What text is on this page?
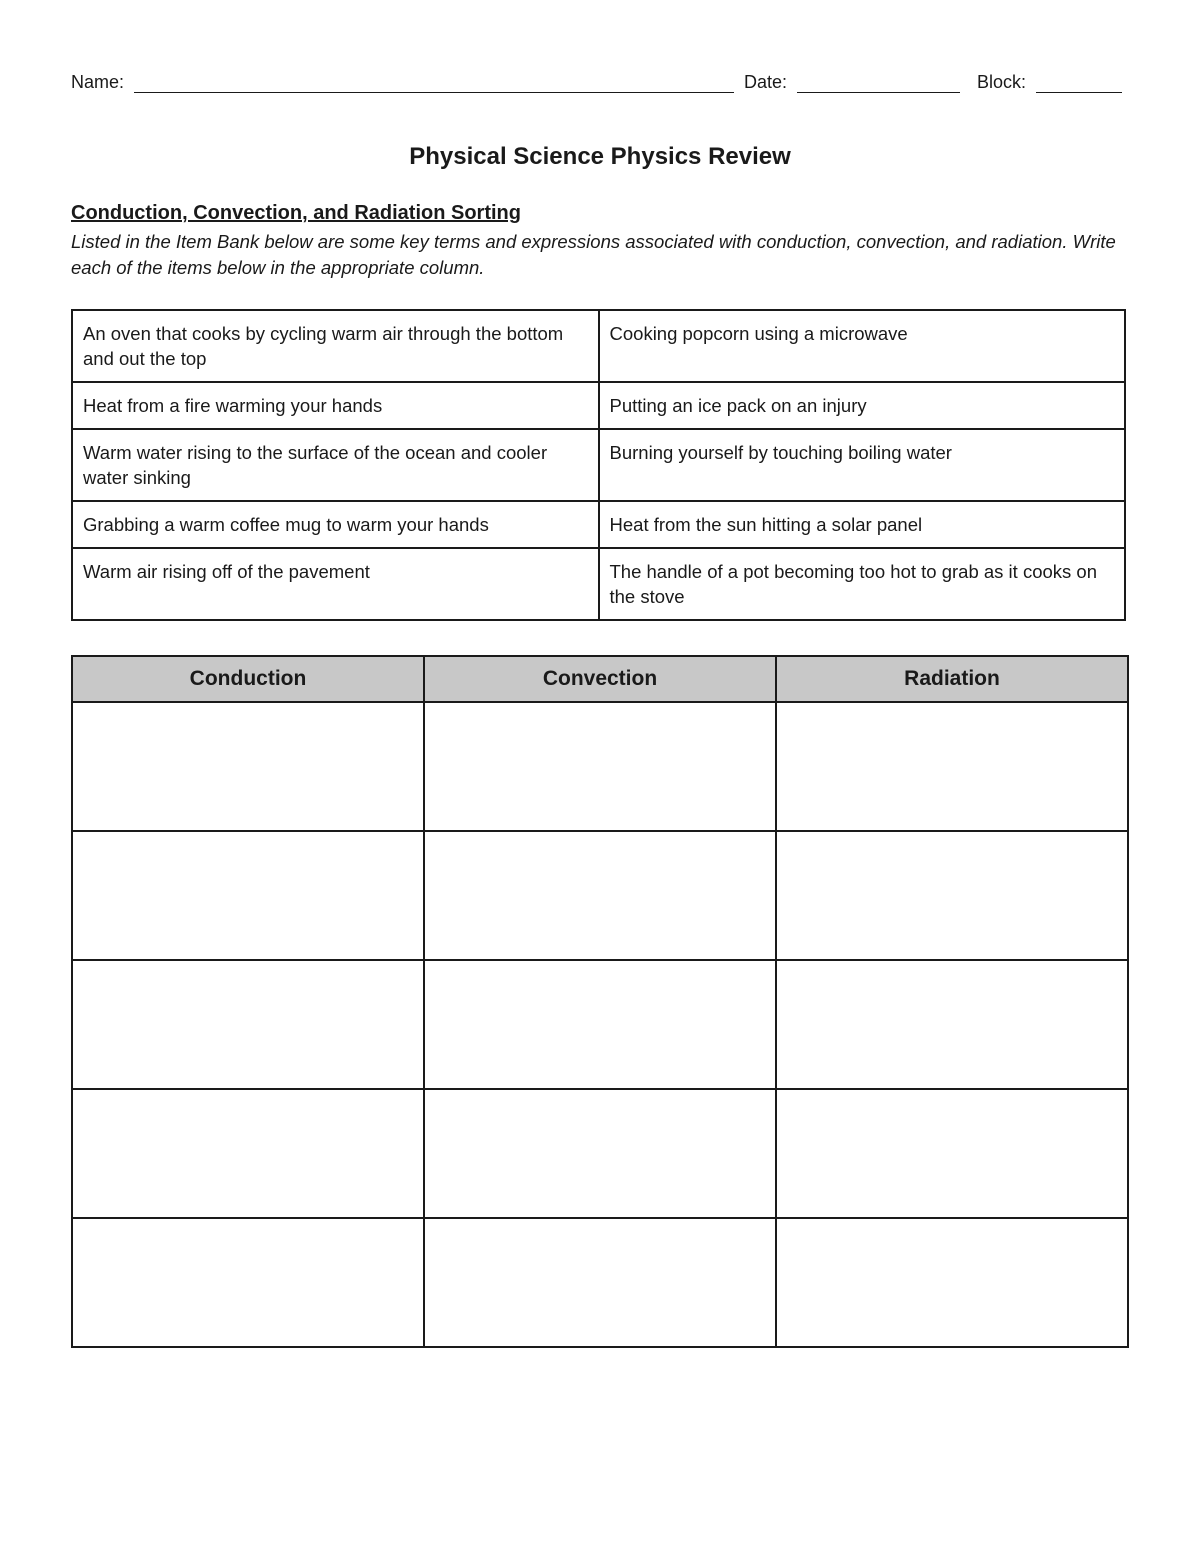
Name:	Date:	Block:
Physical Science Physics Review
Conduction, Convection, and Radiation Sorting
Listed in the Item Bank below are some key terms and expressions associated with conduction, convection, and radiation. Write each of the items below in the appropriate column.
An oven that cooks by cycling warm air through the bottom and out the top	Cooking popcorn using a microwave
Heat from a fire warming your hands	Putting an ice pack on an injury
Warm water rising to the surface of the ocean and cooler water sinking	Burning yourself by touching boiling water
Grabbing a warm coffee mug to warm your hands	Heat from the sun hitting a solar panel
Warm air rising off of the pavement	The handle of a pot becoming too hot to grab as it cooks on the stove
Conduction	Convection	Radiation
